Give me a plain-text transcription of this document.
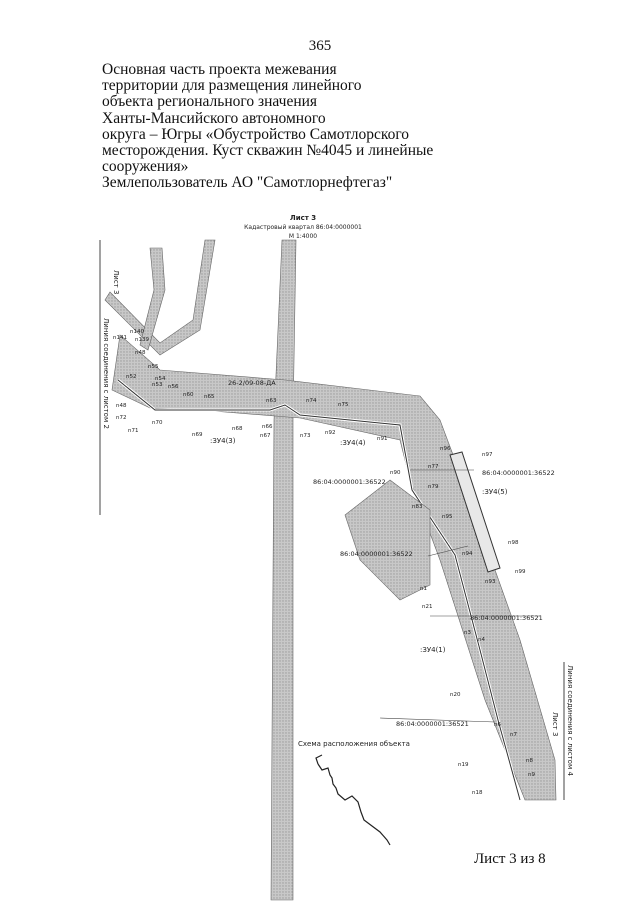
365
Основная часть проекта межевания
территории для размещения линейного
объекта регионального значения
Ханты-Мансийского автономного
округа – Югры «Обустройство Самотлорского
месторождения. Куст скважин №4045 и линейные
сооружения»
Землепользователь АО "Самотлорнефтегаз"
Лист 3
Кадастровый квартал 86:04:0000001
М 1:4000
Лист 3
Линия соединения с листом 2
Линия соединения с листом 4
Лист 3
:ЗУ4(3)	:ЗУ4(4)
:ЗУ4(5)
:ЗУ4(1)
86:04:0000001:36522
86:04:0000001:36522
86:04:0000001:36522
86:04:0000001:36521
86:04:0000001:36521
26-2/09-08-ДА
n140
n141 n139
n48
n55
n52	n54
n53 n56
n60 n65
n63	n74
n75
n48
n72
n71
n70
n69
n68	n66
n67	n73	n92
n91
n96
n97
n77
n90
n79
n83
n95
n98
n94
n99
n93
n1
n21
n3
n4
n20
n6
n7
n19
n8
n9
n18
Схема расположения объекта
Лист 3 из 8
